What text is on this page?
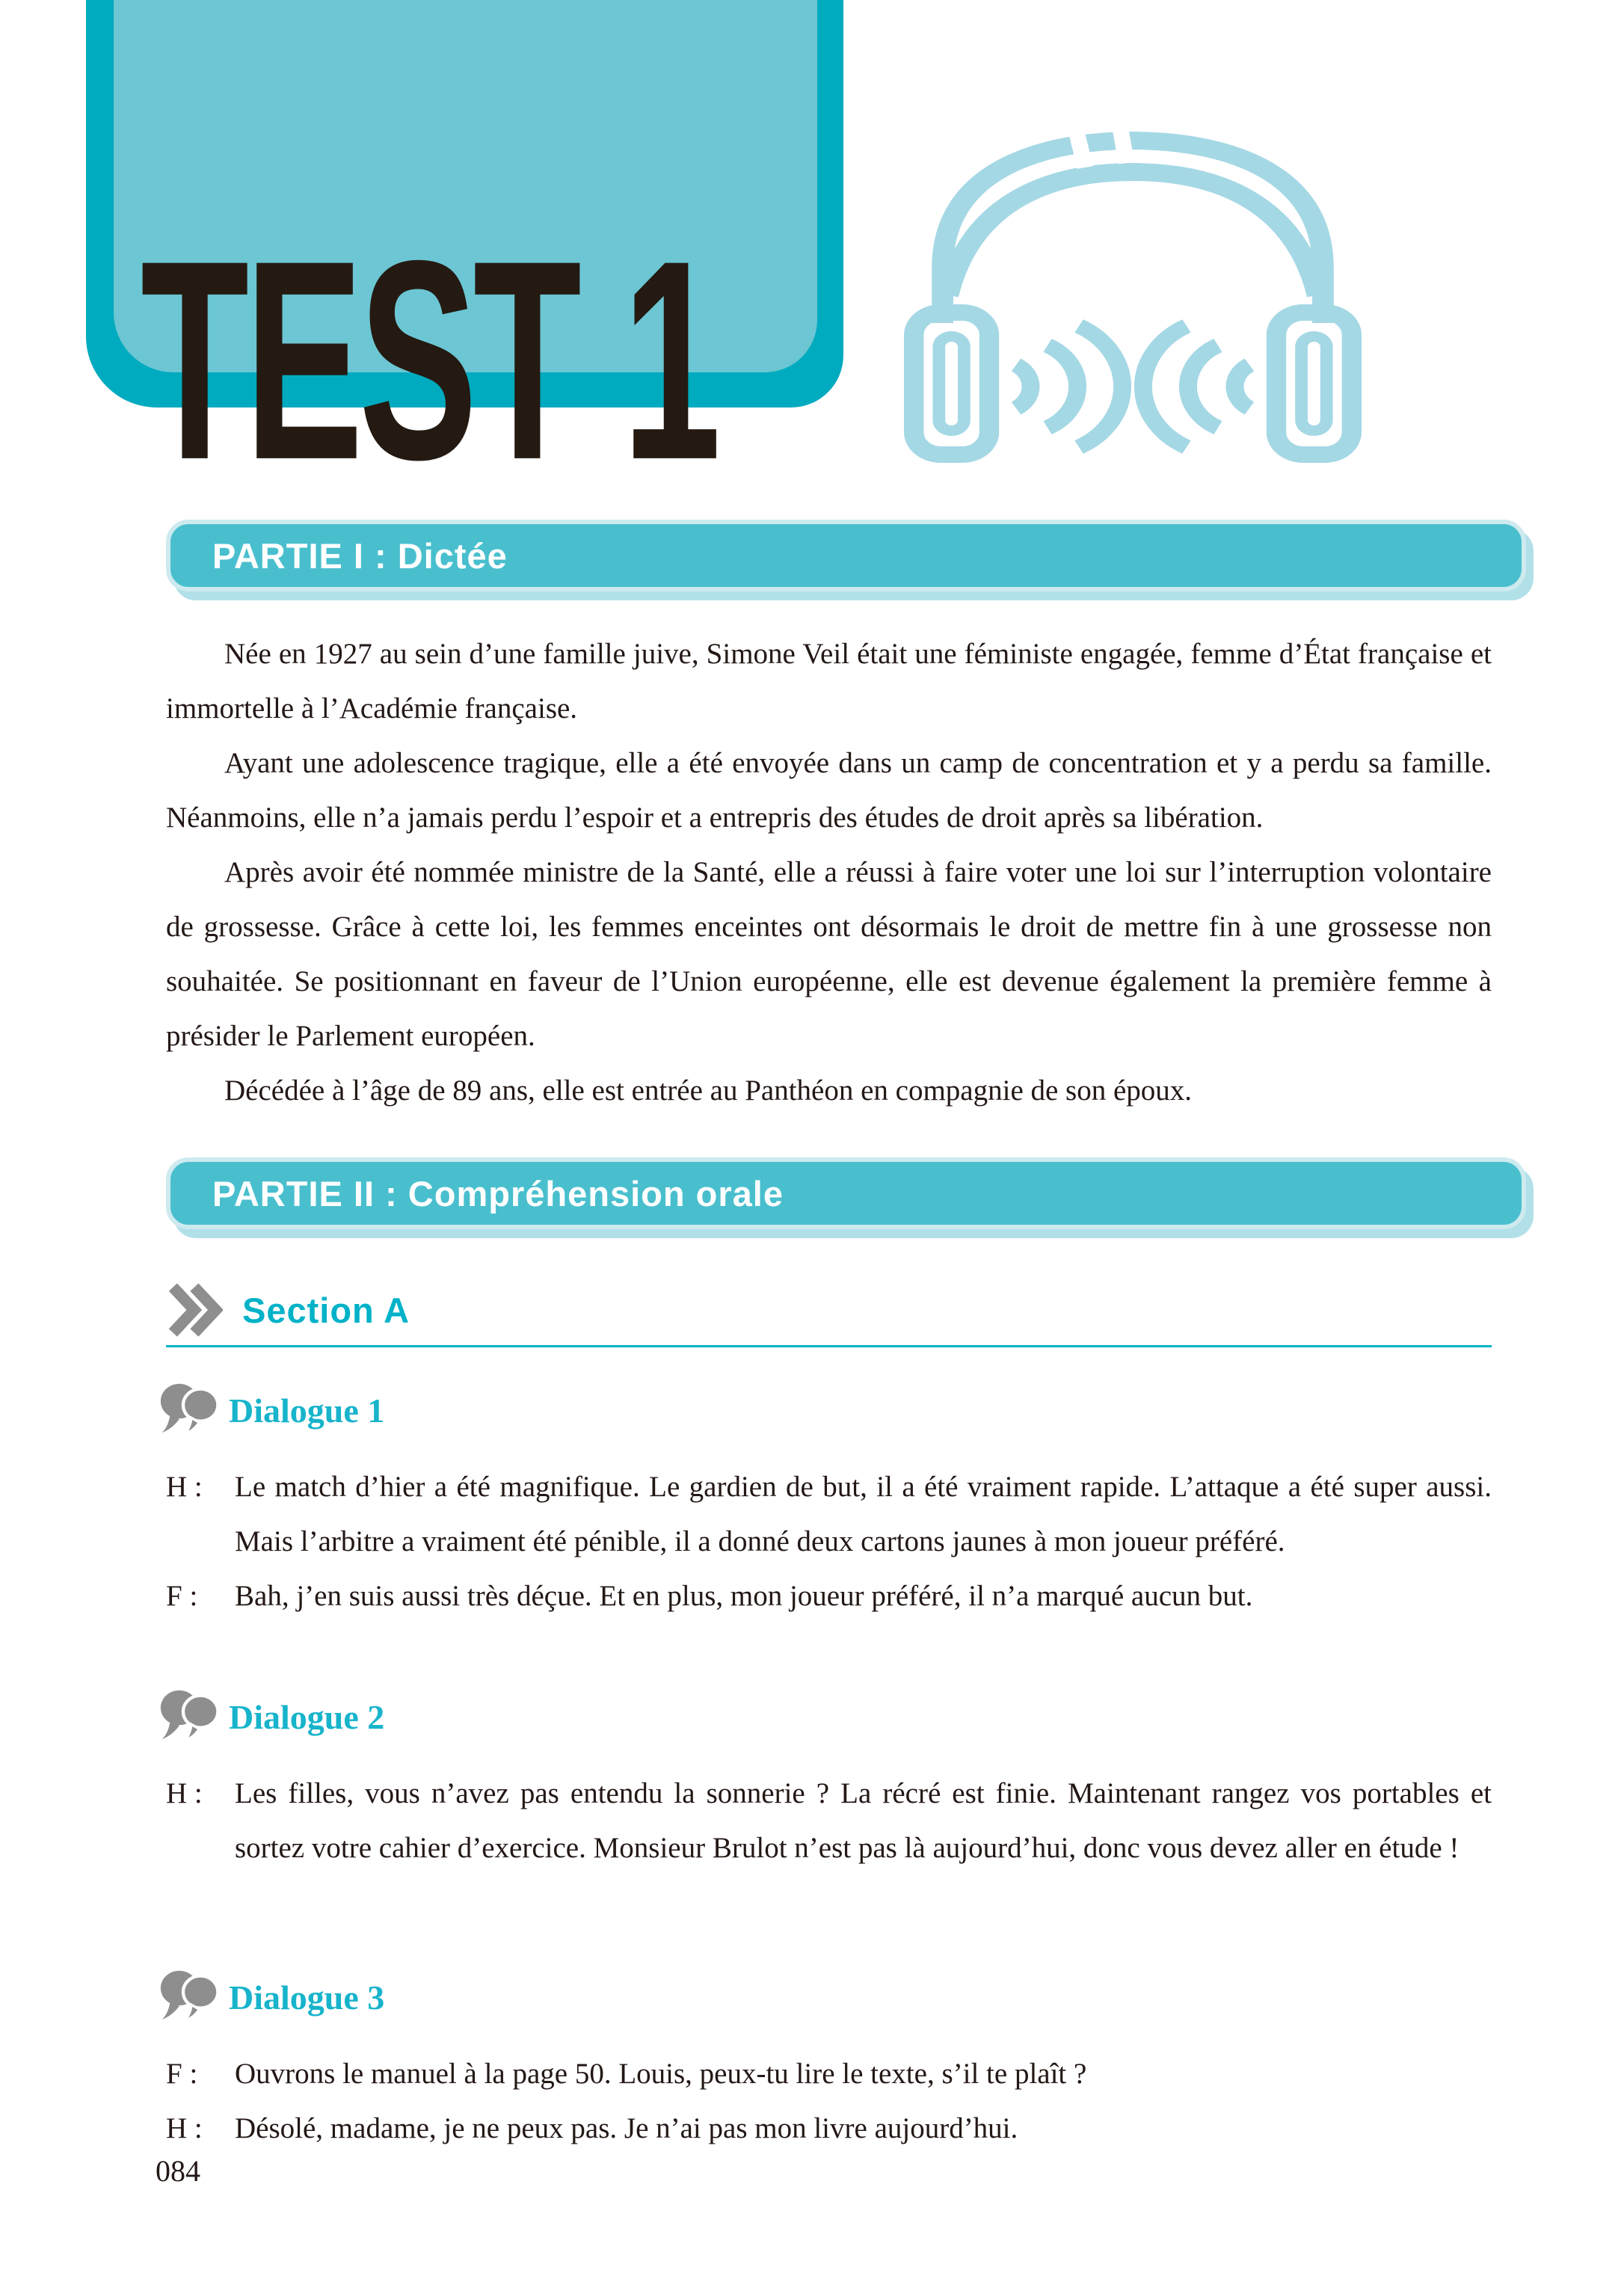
TEST 1
PARTIE I : Dictée

Née en 1927 au sein d’une famille juive, Simone Veil était une féministe engagée, femme d’État française et immortelle à l’Académie française.

Ayant une adolescence tragique, elle a été envoyée dans un camp de concentration et y a perdu sa famille. Néanmoins, elle n’a jamais perdu l’espoir et a entrepris des études de droit après sa libération.

Après avoir été nommée ministre de la Santé, elle a réussi à faire voter une loi sur l’interruption volontaire de grossesse. Grâce à cette loi, les femmes enceintes ont désormais le droit de mettre fin à une grossesse non souhaitée. Se positionnant en faveur de l’Union européenne, elle est devenue également la première femme à présider le Parlement européen.

Décédée à l’âge de 89 ans, elle est entrée au Panthéon en compagnie de son époux.

PARTIE II : Compréhension orale
Section A
Dialogue 1
H : Le match d’hier a été magnifique. Le gardien de but, il a été vraiment rapide. L’attaque a été super aussi. Mais l’arbitre a vraiment été pénible, il a donné deux cartons jaunes à mon joueur préféré.
F : Bah, j’en suis aussi très déçue. Et en plus, mon joueur préféré, il n’a marqué aucun but.
Dialogue 2
H : Les filles, vous n’avez pas entendu la sonnerie ? La récré est finie. Maintenant rangez vos portables et sortez votre cahier d’exercice. Monsieur Brulot n’est pas là aujourd’hui, donc vous devez aller en étude !
Dialogue 3
F : Ouvrons le manuel à la page 50. Louis, peux-tu lire le texte, s’il te plaît ?
H : Désolé, madame, je ne peux pas. Je n’ai pas mon livre aujourd’hui.
084
